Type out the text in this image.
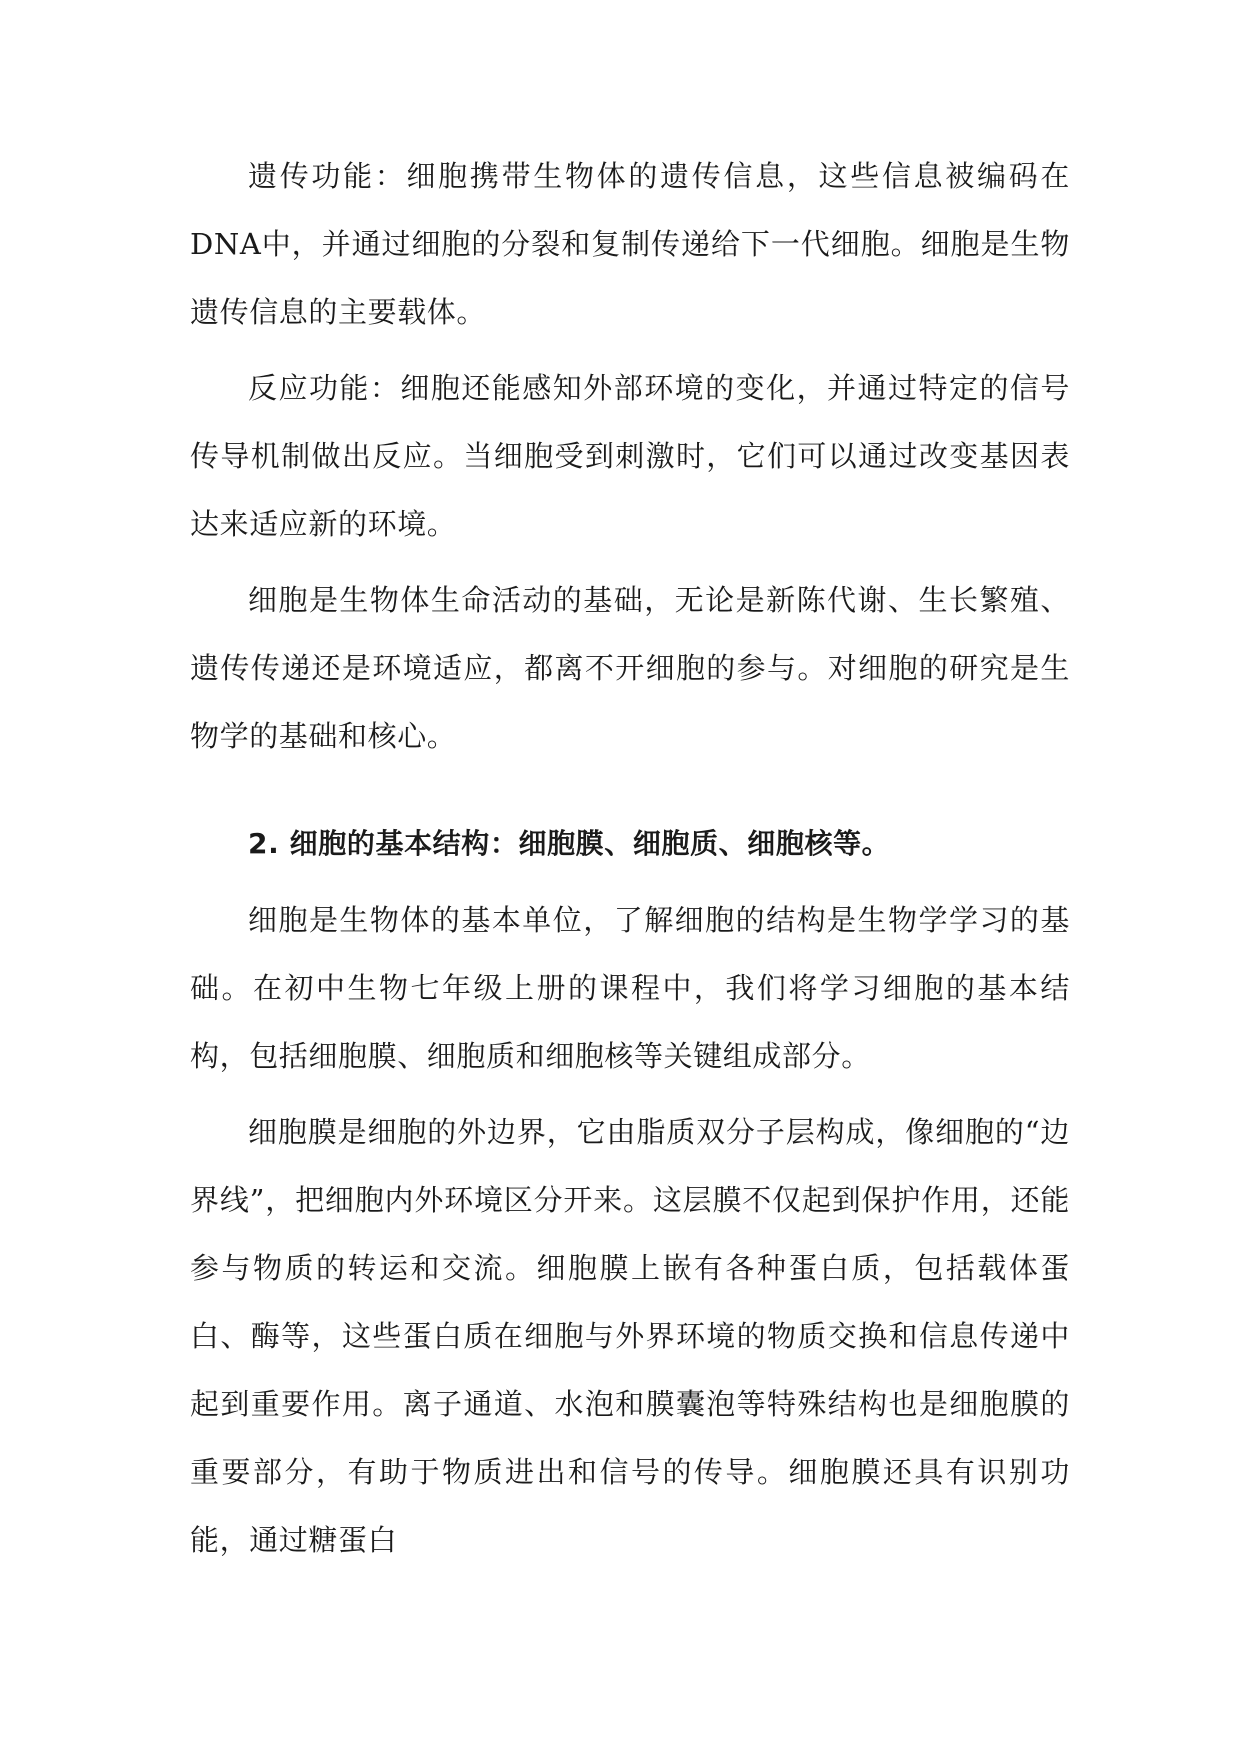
遗传功能：细胞携带生物体的遗传信息，这些信息被编码在DNA中，并通过细胞的分裂和复制传递给下一代细胞。细胞是生物遗传信息的主要载体。

反应功能：细胞还能感知外部环境的变化，并通过特定的信号传导机制做出反应。当细胞受到刺激时，它们可以通过改变基因表达来适应新的环境。

细胞是生物体生命活动的基础，无论是新陈代谢、生长繁殖、遗传传递还是环境适应，都离不开细胞的参与。对细胞的研究是生物学的基础和核心。

2. 细胞的基本结构：细胞膜、细胞质、细胞核等。

细胞是生物体的基本单位，了解细胞的结构是生物学学习的基础。在初中生物七年级上册的课程中，我们将学习细胞的基本结构，包括细胞膜、细胞质和细胞核等关键组成部分。

细胞膜是细胞的外边界，它由脂质双分子层构成，像细胞的“边界线”，把细胞内外环境区分开来。这层膜不仅起到保护作用，还能参与物质的转运和交流。细胞膜上嵌有各种蛋白质，包括载体蛋白、酶等，这些蛋白质在细胞与外界环境的物质交换和信息传递中起到重要作用。离子通道、水泡和膜囊泡等特殊结构也是细胞膜的重要部分，有助于物质进出和信号的传导。细胞膜还具有识别功能，通过糖蛋白
